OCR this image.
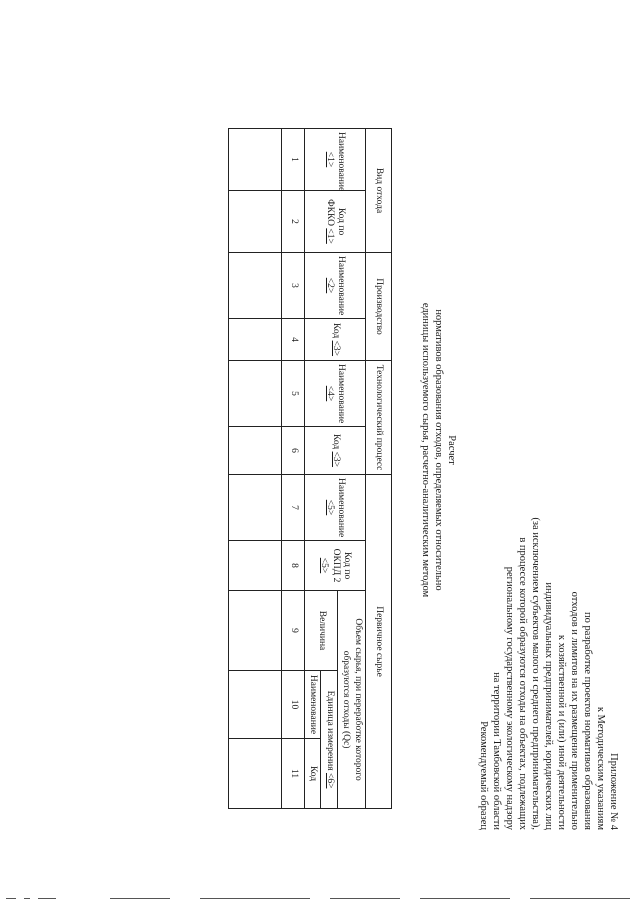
Приложение № 4
к Методическим указаниям
по разработке проектов нормативов образования
отходов и лимитов на их размещение применительно
к хозяйственной и (или) иной деятельности
индивидуальных предпринимателей, юридических лиц
(за исключением субъектов малого и среднего предпринимательства),
в процессе которой образуются отходы на объектах, подлежащих
региональному государственному экологическому надзору
на территории Тамбовской области
Рекомендуемый образец
Расчет
нормативов образования отходов, определяемых относительно
единицы используемого сырья, расчетно-аналитическим методом
Вид отхода		Производство		Технологический процесс		Первичное сырье				
Наименование <1>	Код по ФККО <1>	Наименование <2>	Код <3>	Наименование <4>	Код <3>	Наименование <5>	Код по ОКПД 2 <5>	Объем сырья, при переработке которого образуются отходы (Qc)		
								Величина	Единица измерения <6>	
									Наименование	Код
1	2	3	4	5	6	7	8	9	10	11
